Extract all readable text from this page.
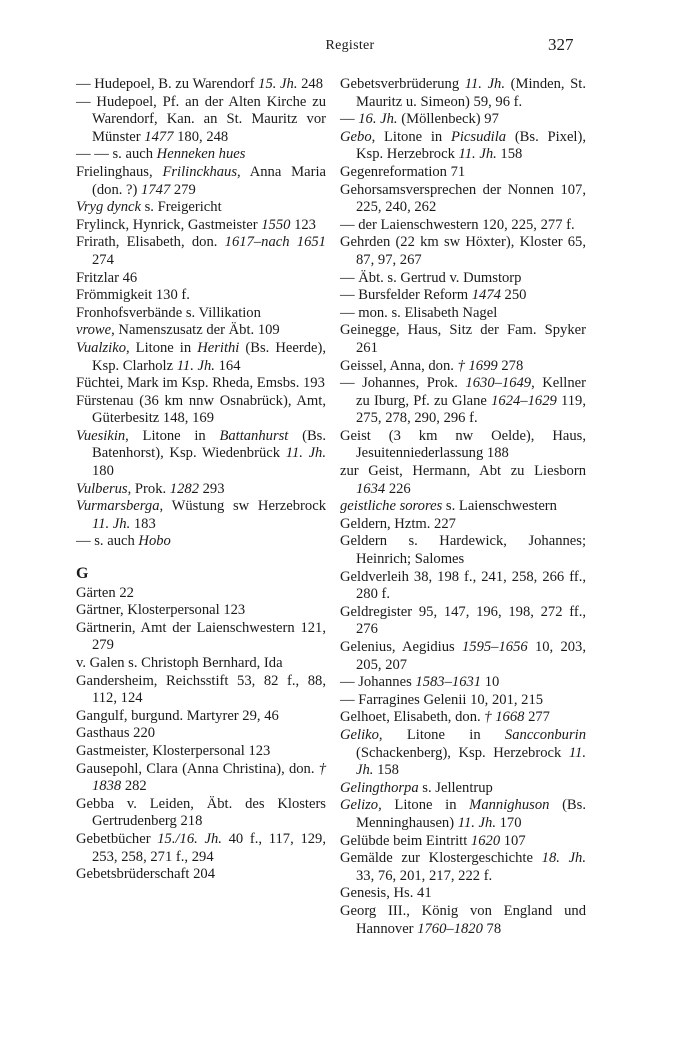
Register	327
— Hudepoel, B. zu Warendorf 15. Jh. 248
— Hudepoel, Pf. an der Alten Kirche zu Warendorf, Kan. an St. Mauritz vor Münster 1477 180, 248
— — s. auch Henneken hues
Frielinghaus, Frilinckhaus, Anna Maria (don. ?) 1747 279
Vryg dynck s. Freigericht
Frylinck, Hynrick, Gastmeister 1550 123
Frirath, Elisabeth, don. 1617–nach 1651 274
Fritzlar 46
Frömmigkeit 130 f.
Fronhofsverbände s. Villikation
vrowe, Namenszusatz der Äbt. 109
Vualziko, Litone in Herithi (Bs. Heerde), Ksp. Clarholz 11. Jh. 164
Füchtei, Mark im Ksp. Rheda, Emsbs. 193
Fürstenau (36 km nnw Osnabrück), Amt, Güterbesitz 148, 169
Vuesikin, Litone in Battanhurst (Bs. Batenhorst), Ksp. Wiedenbrück 11. Jh. 180
Vulberus, Prok. 1282 293
Vurmarsberga, Wüstung sw Herzebrock 11. Jh. 183
— s. auch Hobo
G
Gärten 22
Gärtner, Klosterpersonal 123
Gärtnerin, Amt der Laienschwestern 121, 279
v. Galen s. Christoph Bernhard, Ida
Gandersheim, Reichsstift 53, 82 f., 88, 112, 124
Gangulf, burgund. Martyrer 29, 46
Gasthaus 220
Gastmeister, Klosterpersonal 123
Gausepohl, Clara (Anna Christina), don. † 1838 282
Gebba v. Leiden, Äbt. des Klosters Gertrudenberg 218
Gebetbücher 15./16. Jh. 40 f., 117, 129, 253, 258, 271 f., 294
Gebetsbrüderschaft 204
Gebetsverbrüderung 11. Jh. (Minden, St. Mauritz u. Simeon) 59, 96 f.
— 16. Jh. (Möllenbeck) 97
Gebo, Litone in Picsudila (Bs. Pixel), Ksp. Herzebrock 11. Jh. 158
Gegenreformation 71
Gehorsamsversprechen der Nonnen 107, 225, 240, 262
— der Laienschwestern 120, 225, 277 f.
Gehrden (22 km sw Höxter), Kloster 65, 87, 97, 267
— Äbt. s. Gertrud v. Dumstorp
— Bursfelder Reform 1474 250
— mon. s. Elisabeth Nagel
Geinegge, Haus, Sitz der Fam. Spyker 261
Geissel, Anna, don. † 1699 278
— Johannes, Prok. 1630–1649, Kellner zu Iburg, Pf. zu Glane 1624–1629 119, 275, 278, 290, 296 f.
Geist (3 km nw Oelde), Haus, Jesuitenniederlassung 188
zur Geist, Hermann, Abt zu Liesborn 1634 226
geistliche sorores s. Laienschwestern
Geldern, Hztm. 227
Geldern s. Hardewick, Johannes; Heinrich; Salomes
Geldverleih 38, 198 f., 241, 258, 266 ff., 280 f.
Geldregister 95, 147, 196, 198, 272 ff., 276
Gelenius, Aegidius 1595–1656 10, 203, 205, 207
— Johannes 1583–1631 10
— Farragines Gelenii 10, 201, 215
Gelhoet, Elisabeth, don. † 1668 277
Geliko, Litone in Sancconburin (Schackenberg), Ksp. Herzebrock 11. Jh. 158
Gelingthorpa s. Jellentrup
Gelizo, Litone in Mannighuson (Bs. Menninghausen) 11. Jh. 170
Gelübde beim Eintritt 1620 107
Gemälde zur Klostergeschichte 18. Jh. 33, 76, 201, 217, 222 f.
Genesis, Hs. 41
Georg III., König von England und Hannover 1760–1820 78
